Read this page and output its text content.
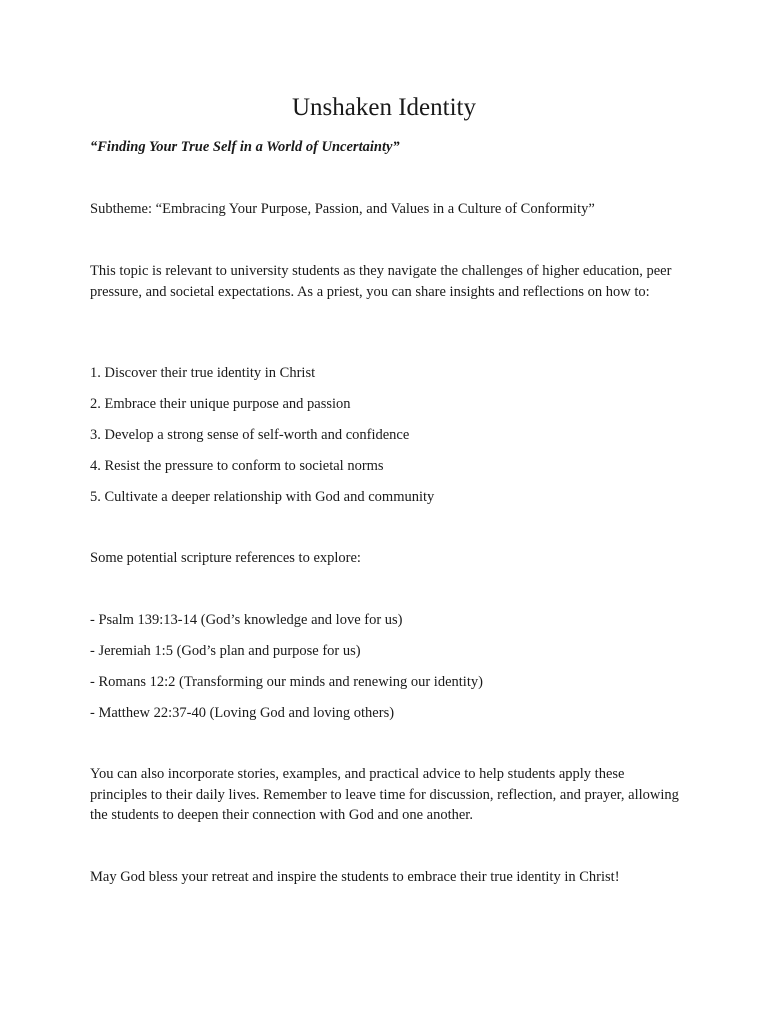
Unshaken Identity

“Finding Your True Self in a World of Uncertainty”

Subtheme: “Embracing Your Purpose, Passion, and Values in a Culture of Conformity”

This topic is relevant to university students as they navigate the challenges of higher education, peer pressure, and societal expectations. As a priest, you can share insights and reflections on how to:

1. Discover their true identity in Christ
2. Embrace their unique purpose and passion
3. Develop a strong sense of self-worth and confidence
4. Resist the pressure to conform to societal norms
5. Cultivate a deeper relationship with God and community

Some potential scripture references to explore:

- Psalm 139:13-14 (God’s knowledge and love for us)
- Jeremiah 1:5 (God’s plan and purpose for us)
- Romans 12:2 (Transforming our minds and renewing our identity)
- Matthew 22:37-40 (Loving God and loving others)

You can also incorporate stories, examples, and practical advice to help students apply these principles to their daily lives. Remember to leave time for discussion, reflection, and prayer, allowing the students to deepen their connection with God and one another.

May God bless your retreat and inspire the students to embrace their true identity in Christ!
